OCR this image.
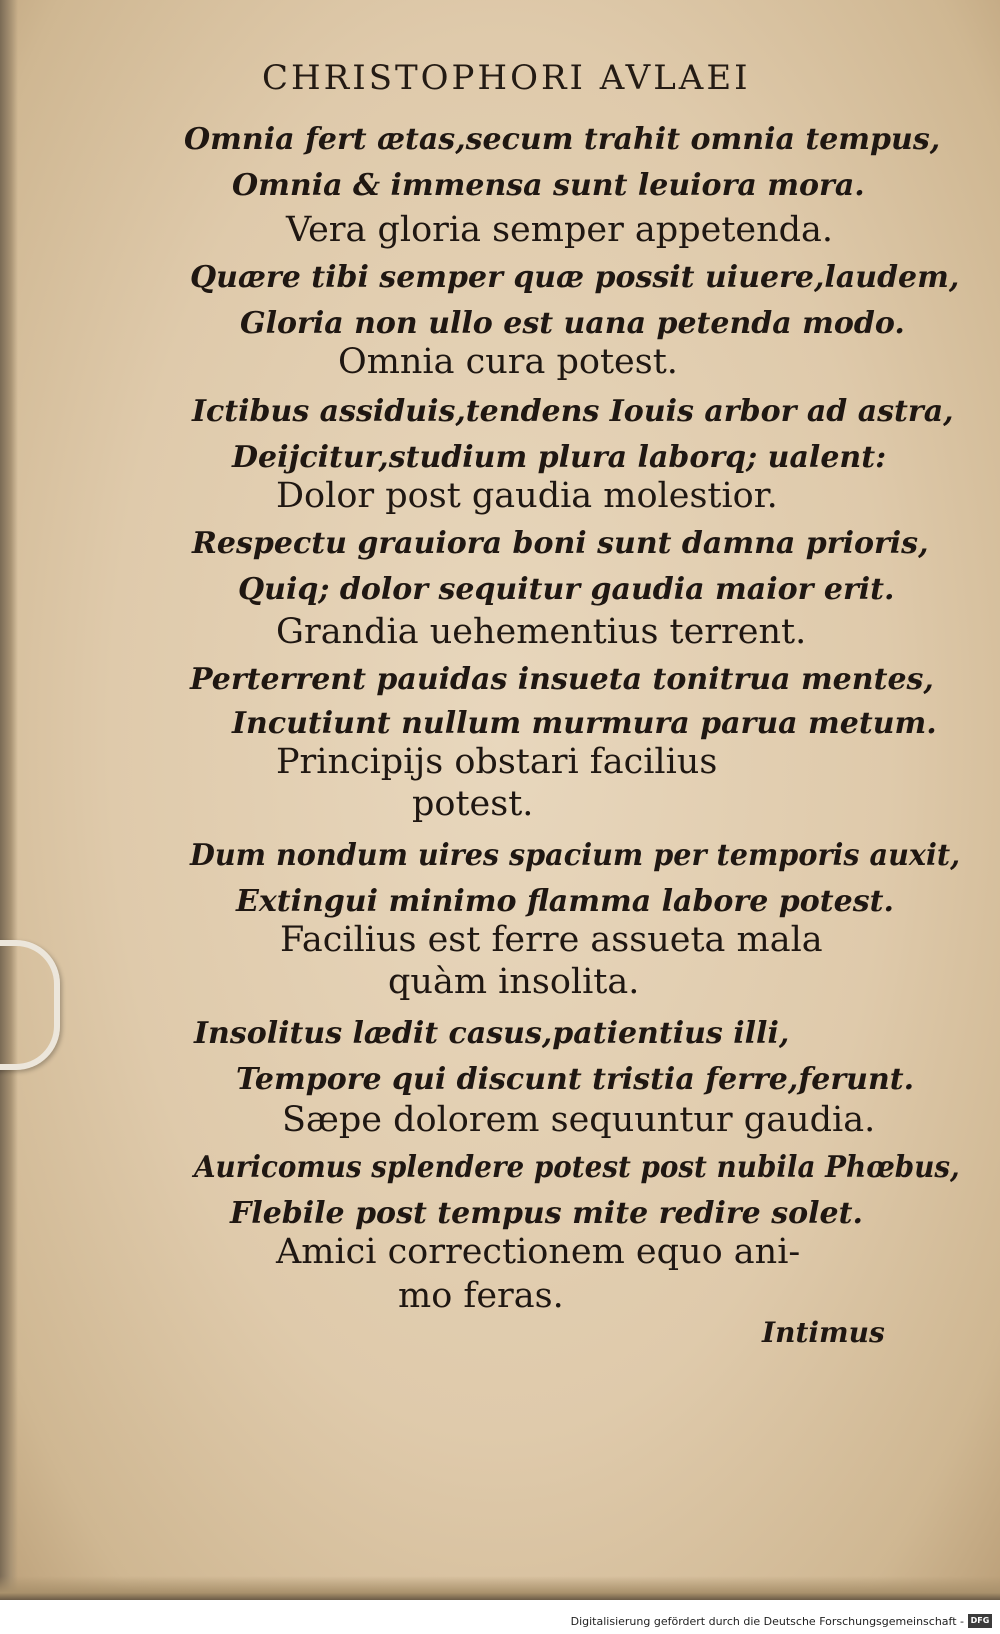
CHRISTOPHORI AVLAEI
Omnia fert ætas,secum trahit omnia tempus,
Omnia & immensa sunt leuiora mora.
Vera gloria semper appetenda.
Quære tibi semper quæ possit uiuere,laudem,
Gloria non ullo est uana petenda modo.
Omnia cura potest.
Ictibus assiduis,tendens Iouis arbor ad astra,
Deijcitur,studium plura laborq; ualent:
Dolor post gaudia molestior.
Respectu grauiora boni sunt damna prioris,
Quiq; dolor sequitur gaudia maior erit.
Grandia uehementius terrent.
Perterrent pauidas insueta tonitrua mentes,
Incutiunt nullum murmura parua metum.
Principijs obstari facilius
potest.
Dum nondum uires spacium per temporis auxit,
Extingui minimo flamma labore potest.
Facilius est ferre assueta mala
quàm insolita.
Insolitus lædit casus,patientius illi,
Tempore qui discunt tristia ferre,ferunt.
Sæpe dolorem sequuntur gaudia.
Auricomus splendere potest post nubila Phœbus,
Flebile post tempus mite redire solet.
Amici correctionem equo ani-
mo feras.
Intimus
Digitalisierung gefördert durch die Deutsche Forschungsgemeinschaft - DFG
